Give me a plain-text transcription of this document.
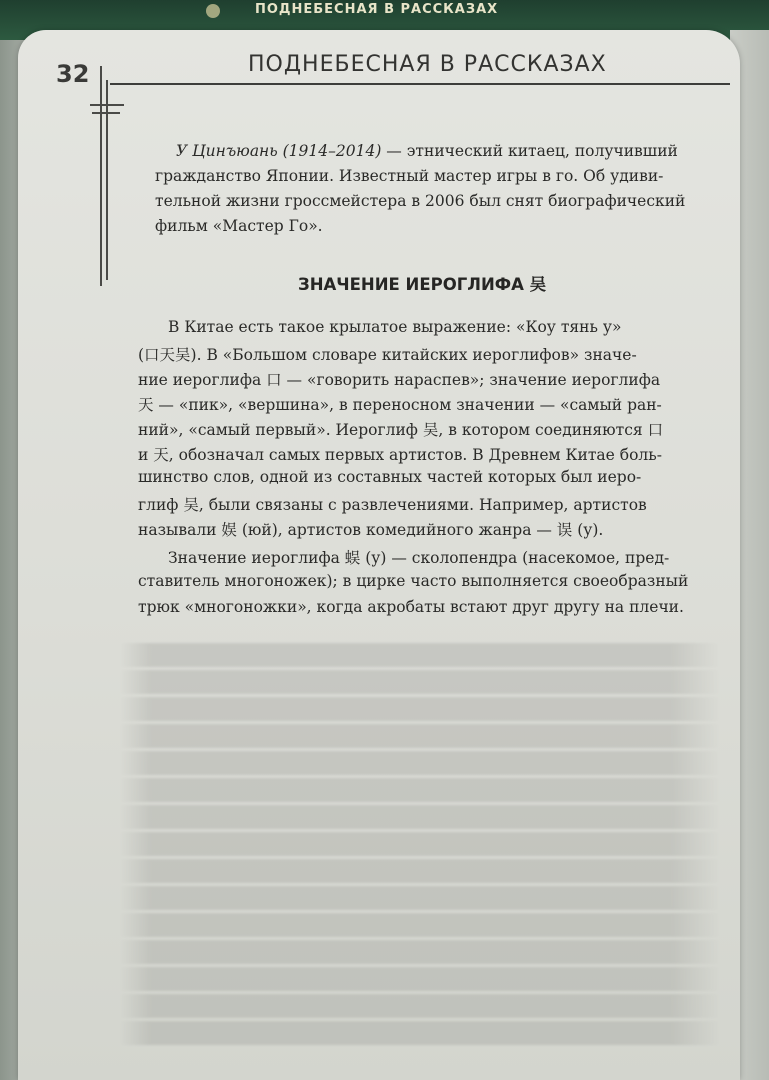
ПОДНЕБЕСНАЯ В РАССКАЗАХ
32	ПОДНЕБЕСНАЯ В РАССКАЗАХ

У Цинъюань (1914–2014) — этнический китаец, получивший

гражданство Японии. Известный мастер игры в го. Об удиви-

тельной жизни гроссмейстера в 2006 был снят биографический

фильм «Мастер Го».

ЗНАЧЕНИЕ ИЕРОГЛИФА 吴

В Китае есть такое крылатое выражение: «Коу тянь у»

(口天吴). В «Большом словаре китайских иероглифов» значе-

ние иероглифа 口 — «говорить нараспев»; значение иероглифа

天 — «пик», «вершина», в переносном значении — «самый ран-

ний», «самый первый». Иероглиф 吴, в котором соединяются 口

и 天, обозначал самых первых артистов. В Древнем Китае боль-

шинство слов, одной из составных частей которых был иеро-

глиф 吴, были связаны с развлечениями. Например, артистов

называли 娱 (юй), артистов комедийного жанра — 误 (у).

Значение иероглифа 蜈 (у) — сколопендра (насекомое, пред-

ставитель многоножек); в цирке часто выполняется своеобразный

трюк «многоножки», когда акробаты встают друг другу на плечи.
